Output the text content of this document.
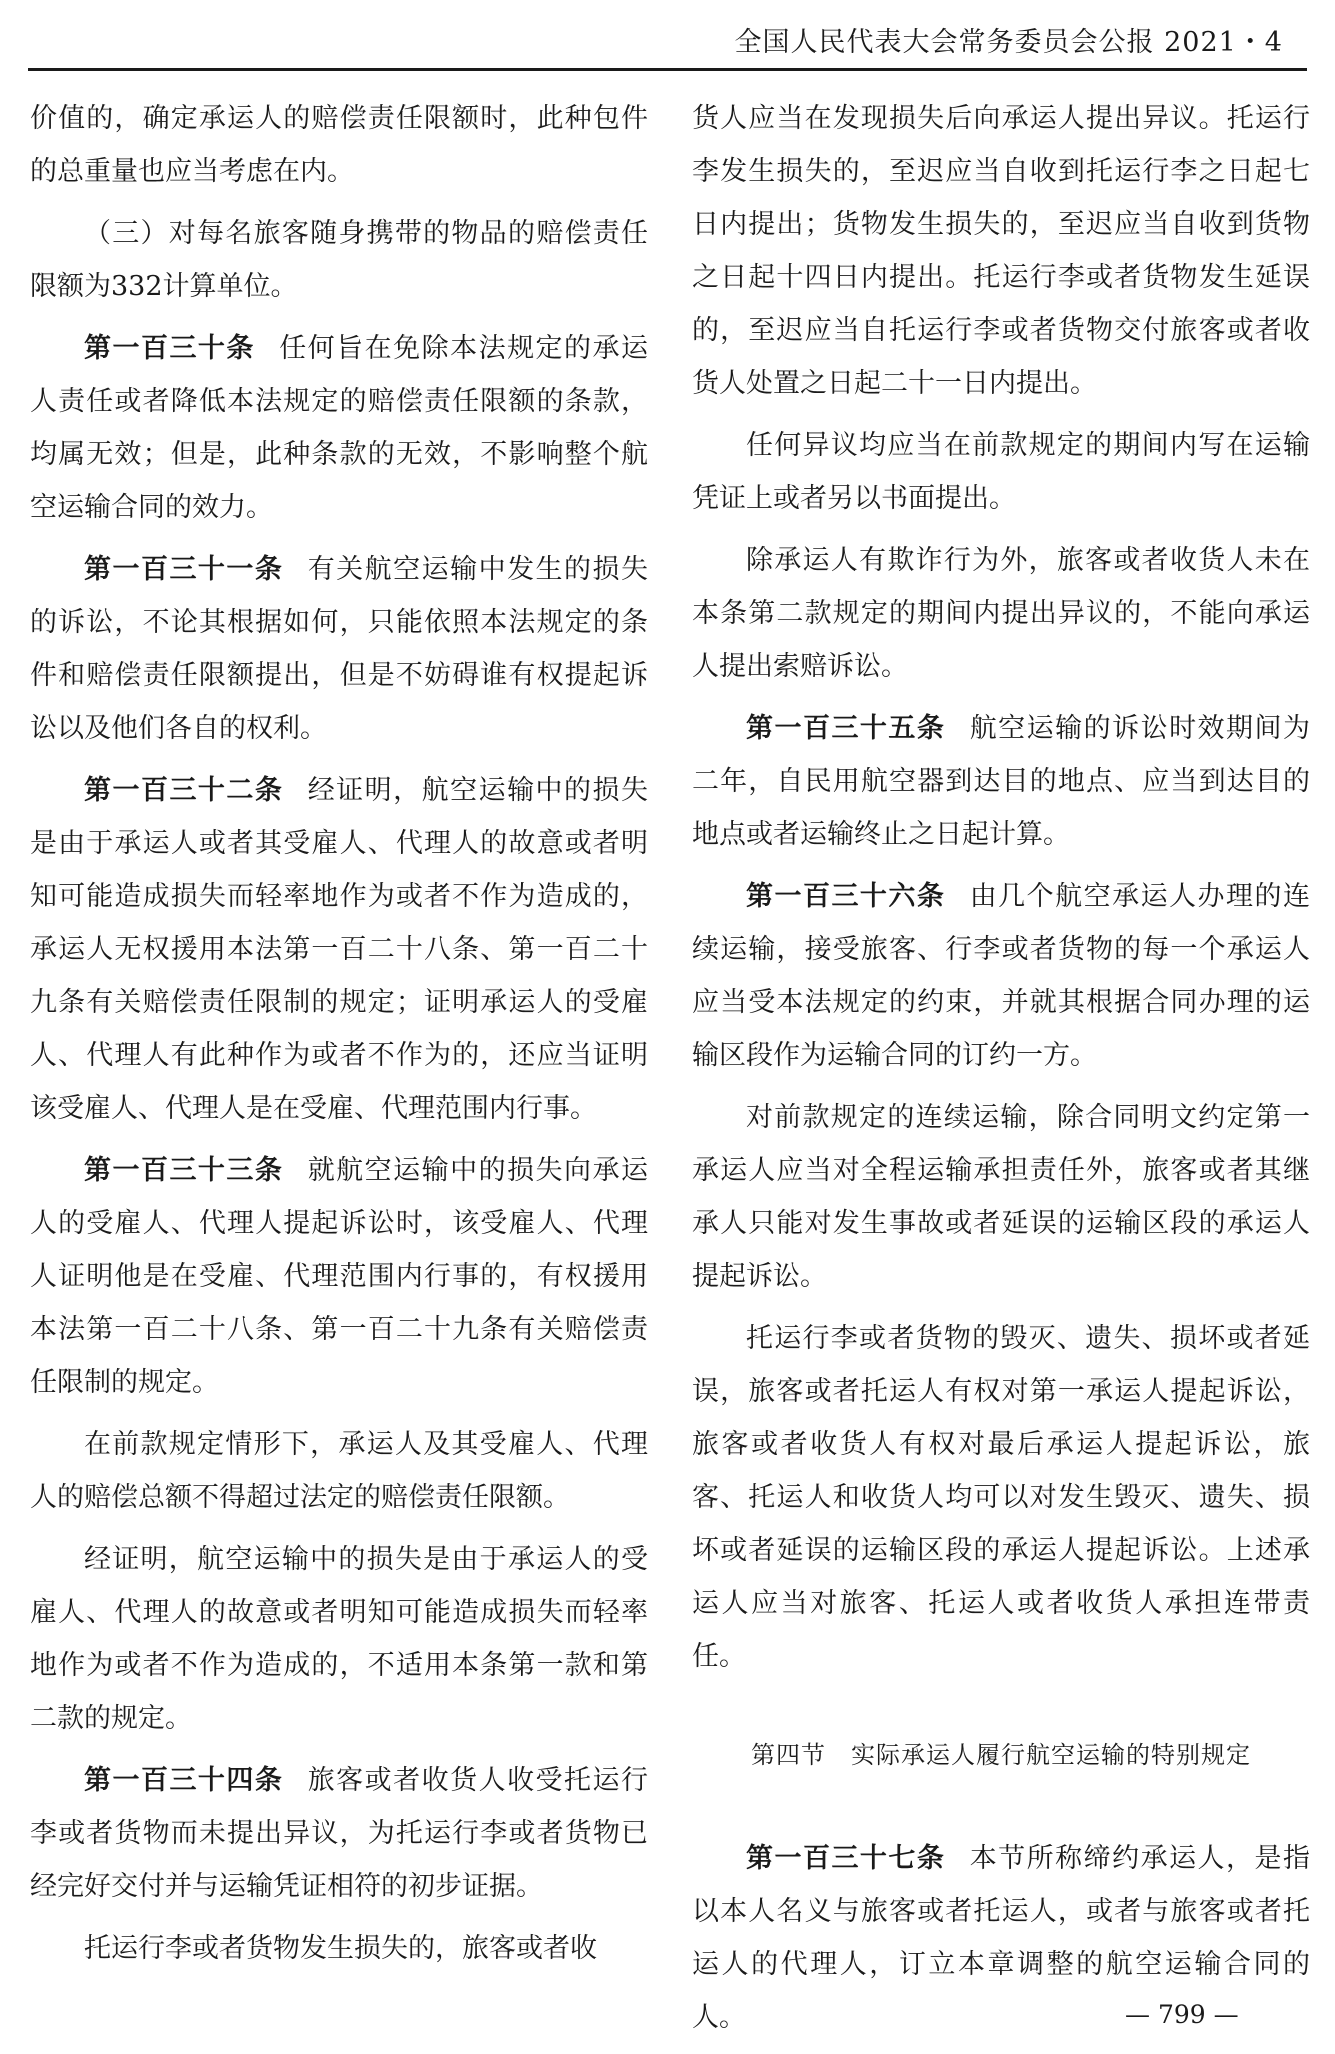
全国人民代表大会常务委员会公报 2021・4

价值的，确定承运人的赔偿责任限额时，此种包件的总重量也应当考虑在内。

（三）对每名旅客随身携带的物品的赔偿责任限额为332计算单位。

第一百三十条 任何旨在免除本法规定的承运人责任或者降低本法规定的赔偿责任限额的条款，均属无效；但是，此种条款的无效，不影响整个航空运输合同的效力。

第一百三十一条 有关航空运输中发生的损失的诉讼，不论其根据如何，只能依照本法规定的条件和赔偿责任限额提出，但是不妨碍谁有权提起诉讼以及他们各自的权利。

第一百三十二条 经证明，航空运输中的损失是由于承运人或者其受雇人、代理人的故意或者明知可能造成损失而轻率地作为或者不作为造成的，承运人无权援用本法第一百二十八条、第一百二十九条有关赔偿责任限制的规定；证明承运人的受雇人、代理人有此种作为或者不作为的，还应当证明该受雇人、代理人是在受雇、代理范围内行事。

第一百三十三条 就航空运输中的损失向承运人的受雇人、代理人提起诉讼时，该受雇人、代理人证明他是在受雇、代理范围内行事的，有权援用本法第一百二十八条、第一百二十九条有关赔偿责任限制的规定。

在前款规定情形下，承运人及其受雇人、代理人的赔偿总额不得超过法定的赔偿责任限额。

经证明，航空运输中的损失是由于承运人的受雇人、代理人的故意或者明知可能造成损失而轻率地作为或者不作为造成的，不适用本条第一款和第二款的规定。

第一百三十四条 旅客或者收货人收受托运行李或者货物而未提出异议，为托运行李或者货物已经完好交付并与运输凭证相符的初步证据。

托运行李或者货物发生损失的，旅客或者收

货人应当在发现损失后向承运人提出异议。托运行李发生损失的，至迟应当自收到托运行李之日起七日内提出；货物发生损失的，至迟应当自收到货物之日起十四日内提出。托运行李或者货物发生延误的，至迟应当自托运行李或者货物交付旅客或者收货人处置之日起二十一日内提出。

任何异议均应当在前款规定的期间内写在运输凭证上或者另以书面提出。

除承运人有欺诈行为外，旅客或者收货人未在本条第二款规定的期间内提出异议的，不能向承运人提出索赔诉讼。

第一百三十五条 航空运输的诉讼时效期间为二年，自民用航空器到达目的地点、应当到达目的地点或者运输终止之日起计算。

第一百三十六条 由几个航空承运人办理的连续运输，接受旅客、行李或者货物的每一个承运人应当受本法规定的约束，并就其根据合同办理的运输区段作为运输合同的订约一方。

对前款规定的连续运输，除合同明文约定第一承运人应当对全程运输承担责任外，旅客或者其继承人只能对发生事故或者延误的运输区段的承运人提起诉讼。

托运行李或者货物的毁灭、遗失、损坏或者延误，旅客或者托运人有权对第一承运人提起诉讼，旅客或者收货人有权对最后承运人提起诉讼，旅客、托运人和收货人均可以对发生毁灭、遗失、损坏或者延误的运输区段的承运人提起诉讼。上述承运人应当对旅客、托运人或者收货人承担连带责任。

第四节　实际承运人履行航空运输的特别规定

第一百三十七条 本节所称缔约承运人，是指以本人名义与旅客或者托运人，或者与旅客或者托运人的代理人，订立本章调整的航空运输合同的人。	— 799 —
